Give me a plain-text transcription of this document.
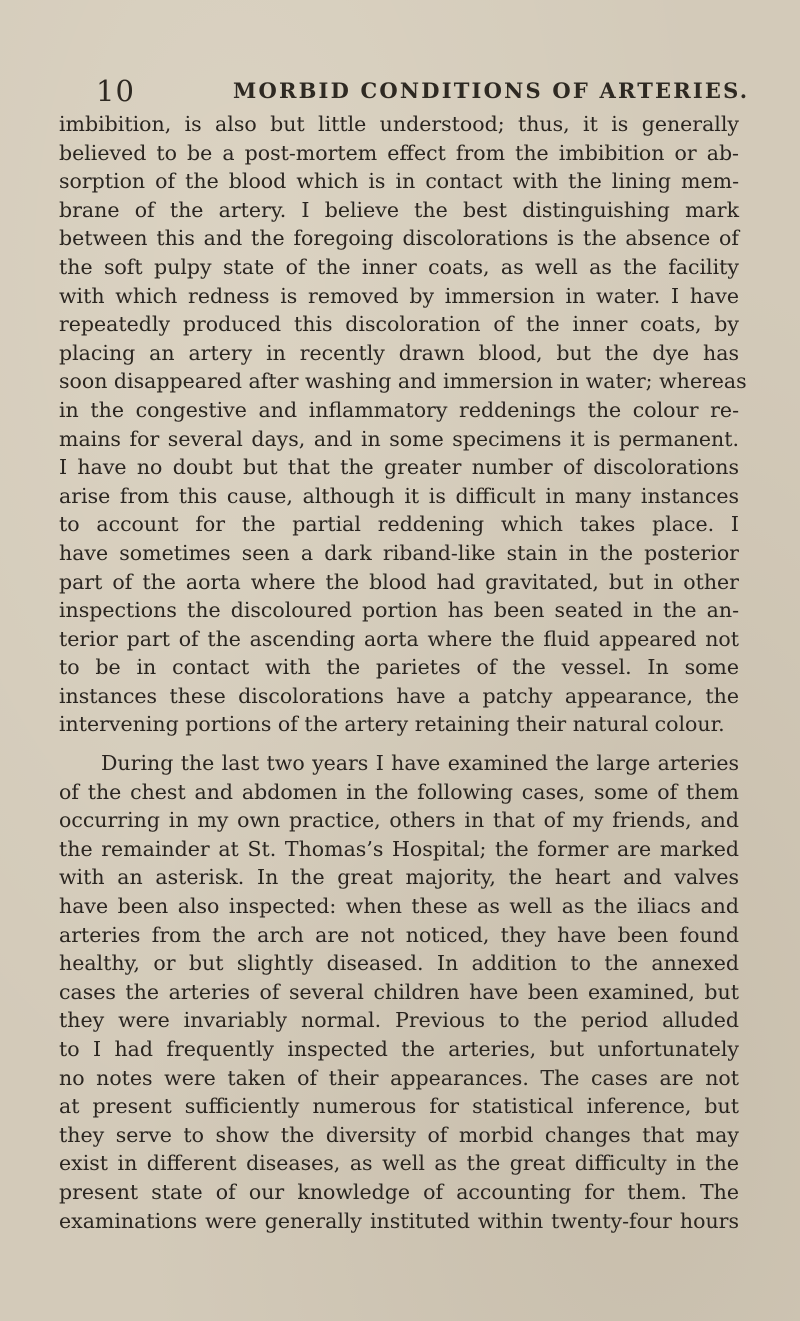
10	MORBID CONDITIONS OF ARTERIES.
imbibition, is also but little understood; thus, it is generally
believed to be a post-mortem effect from the imbibition or ab-
sorption of the blood which is in contact with the lining mem-
brane of the artery. I believe the best distinguishing mark
between this and the foregoing discolorations is the absence of
the soft pulpy state of the inner coats, as well as the facility
with which redness is removed by immersion in water. I have
repeatedly produced this discoloration of the inner coats, by
placing an artery in recently drawn blood, but the dye has
soon disappeared after washing and immersion in water; whereas
in the congestive and inflammatory reddenings the colour re-
mains for several days, and in some specimens it is permanent.
I have no doubt but that the greater number of discolorations
arise from this cause, although it is difficult in many instances
to account for the partial reddening which takes place. I
have sometimes seen a dark riband-like stain in the posterior
part of the aorta where the blood had gravitated, but in other
inspections the discoloured portion has been seated in the an-
terior part of the ascending aorta where the fluid appeared not
to be in contact with the parietes of the vessel. In some
instances these discolorations have a patchy appearance, the
intervening portions of the artery retaining their natural colour.
During the last two years I have examined the large arteries
of the chest and abdomen in the following cases, some of them
occurring in my own practice, others in that of my friends, and
the remainder at St. Thomas’s Hospital; the former are marked
with an asterisk. In the great majority, the heart and valves
have been also inspected: when these as well as the iliacs and
arteries from the arch are not noticed, they have been found
healthy, or but slightly diseased. In addition to the annexed
cases the arteries of several children have been examined, but
they were invariably normal. Previous to the period alluded
to I had frequently inspected the arteries, but unfortunately
no notes were taken of their appearances. The cases are not
at present sufficiently numerous for statistical inference, but
they serve to show the diversity of morbid changes that may
exist in different diseases, as well as the great difficulty in the
present state of our knowledge of accounting for them. The
examinations were generally instituted within twenty-four hours
